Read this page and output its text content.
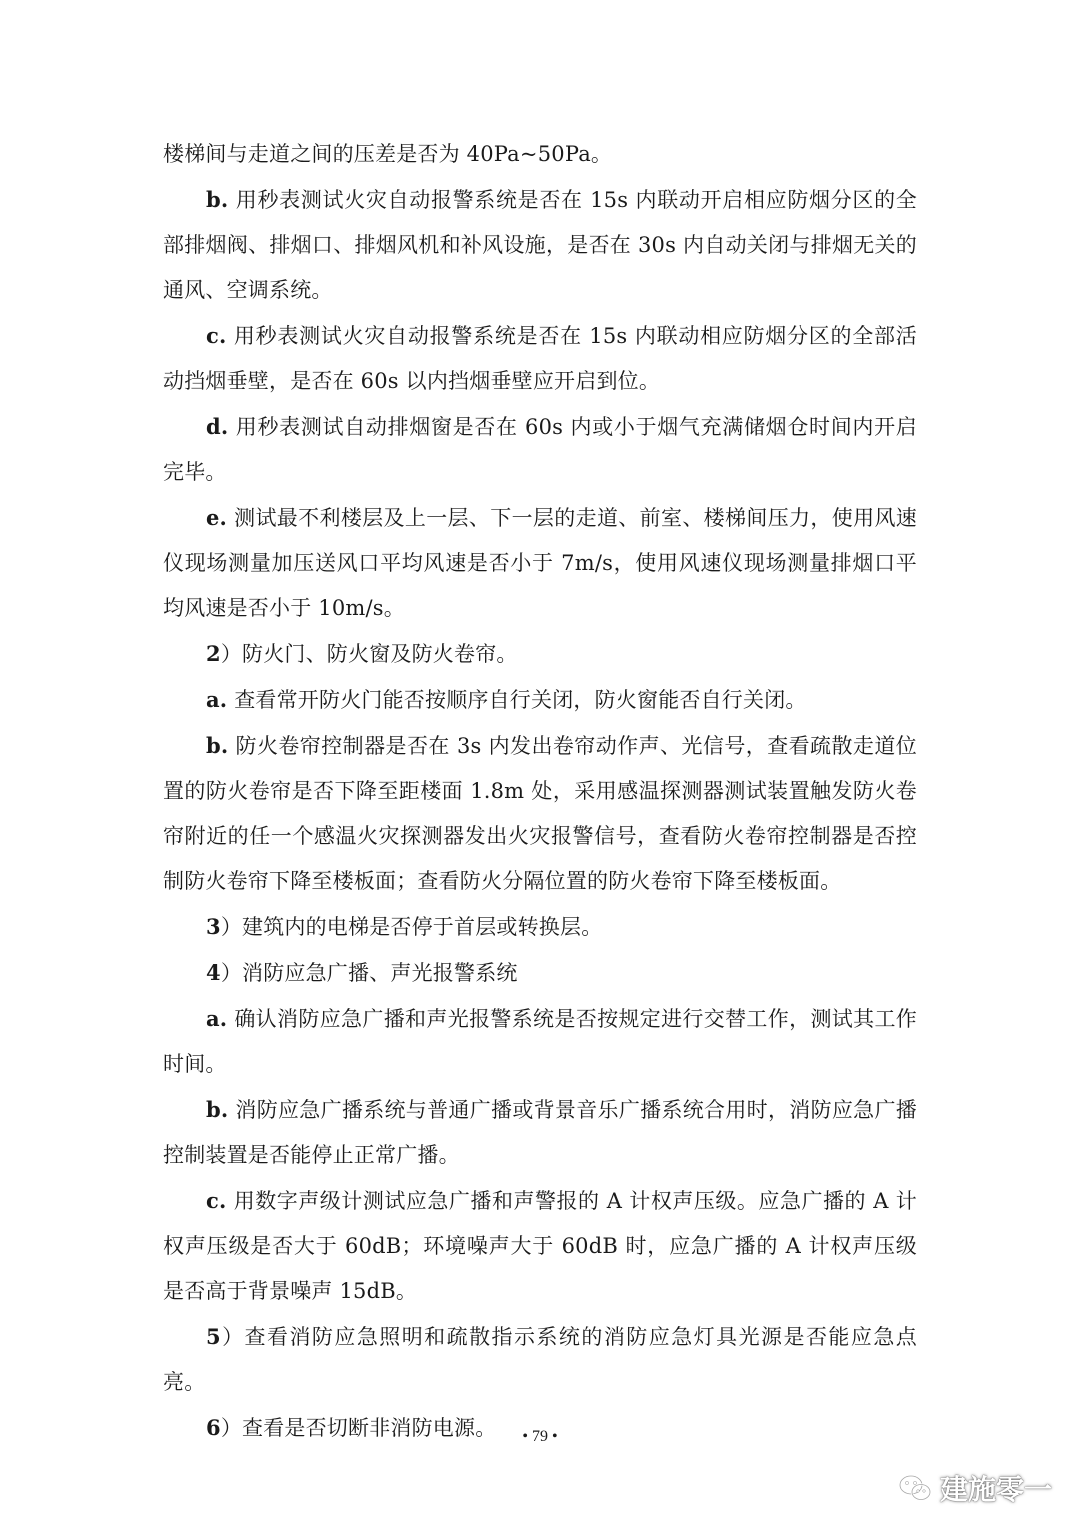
楼梯间与走道之间的压差是否为 40Pa~50Pa。

b. 用秒表测试火灾自动报警系统是否在 15s 内联动开启相应防烟分区的全部排烟阀、排烟口、排烟风机和补风设施，是否在 30s 内自动关闭与排烟无关的通风、空调系统。

c. 用秒表测试火灾自动报警系统是否在 15s 内联动相应防烟分区的全部活动挡烟垂壁，是否在 60s 以内挡烟垂壁应开启到位。

d. 用秒表测试自动排烟窗是否在 60s 内或小于烟气充满储烟仓时间内开启完毕。

e. 测试最不利楼层及上一层、下一层的走道、前室、楼梯间压力，使用风速仪现场测量加压送风口平均风速是否小于 7m/s，使用风速仪现场测量排烟口平均风速是否小于 10m/s。

2）防火门、防火窗及防火卷帘。

a. 查看常开防火门能否按顺序自行关闭，防火窗能否自行关闭。

b. 防火卷帘控制器是否在 3s 内发出卷帘动作声、光信号，查看疏散走道位置的防火卷帘是否下降至距楼面 1.8m 处，采用感温探测器测试装置触发防火卷帘附近的任一个感温火灾探测器发出火灾报警信号，查看防火卷帘控制器是否控制防火卷帘下降至楼板面；查看防火分隔位置的防火卷帘下降至楼板面。

3）建筑内的电梯是否停于首层或转换层。

4）消防应急广播、声光报警系统

a. 确认消防应急广播和声光报警系统是否按规定进行交替工作，测试其工作时间。

b. 消防应急广播系统与普通广播或背景音乐广播系统合用时，消防应急广播控制装置是否能停止正常广播。

c. 用数字声级计测试应急广播和声警报的 A 计权声压级。应急广播的 A 计权声压级是否大于 60dB；环境噪声大于 60dB 时，应急广播的 A 计权声压级是否高于背景噪声 15dB。

5）查看消防应急照明和疏散指示系统的消防应急灯具光源是否能应急点亮。

6）查看是否切断非消防电源。	• 79 •
建施零一
